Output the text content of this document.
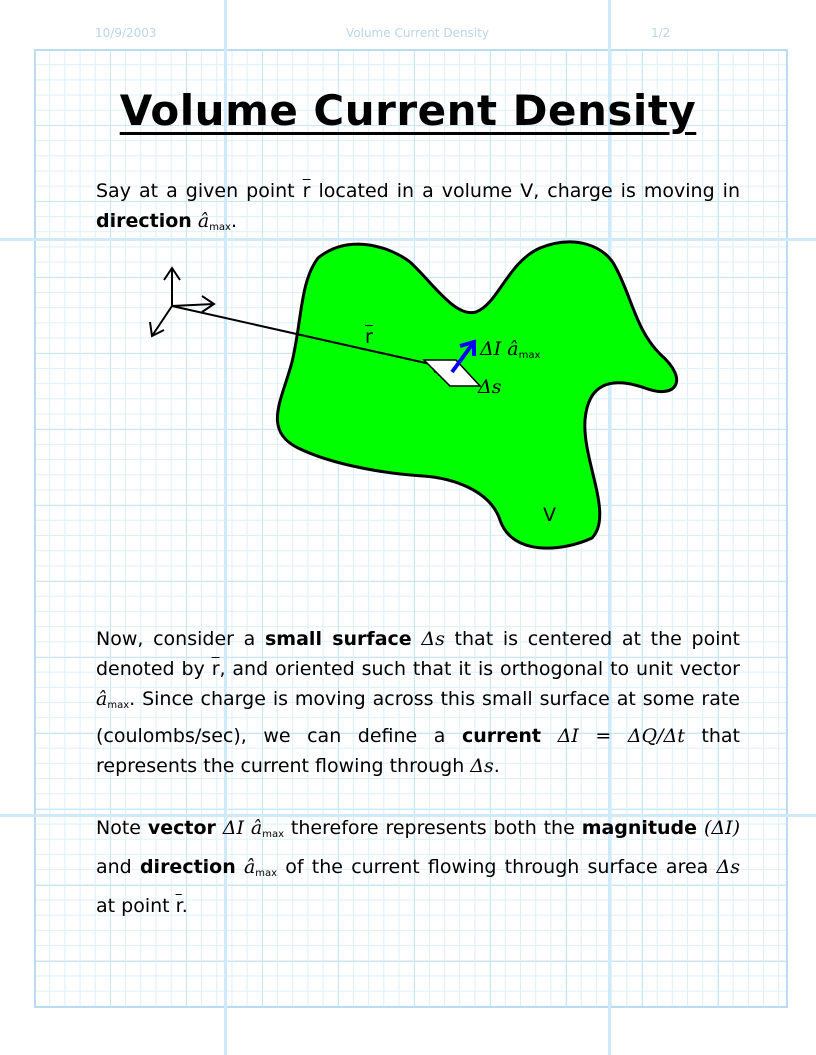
10/9/2003	Volume Current Density	1/2
Volume Current Density
Say at a given point $\overline{r}$ located in a volume V, charge is moving in direction $â_{max}$.
$\overline{r}$
ΔI $â_{max}$
Δs
V
Now, consider a small surface Δs that is centered at the point denoted by $\overline{r}$, and oriented such that it is orthogonal to unit vector $â_{max}$. Since charge is moving across this small surface at some rate (coulombs/sec), we can define a current ΔI = ΔQ/Δt that represents the current flowing through Δs.
Note vector ΔI $â_{max}$ therefore represents both the magnitude (ΔI) and direction $â_{max}$ of the current flowing through surface area Δs at point $\overline{r}$.
